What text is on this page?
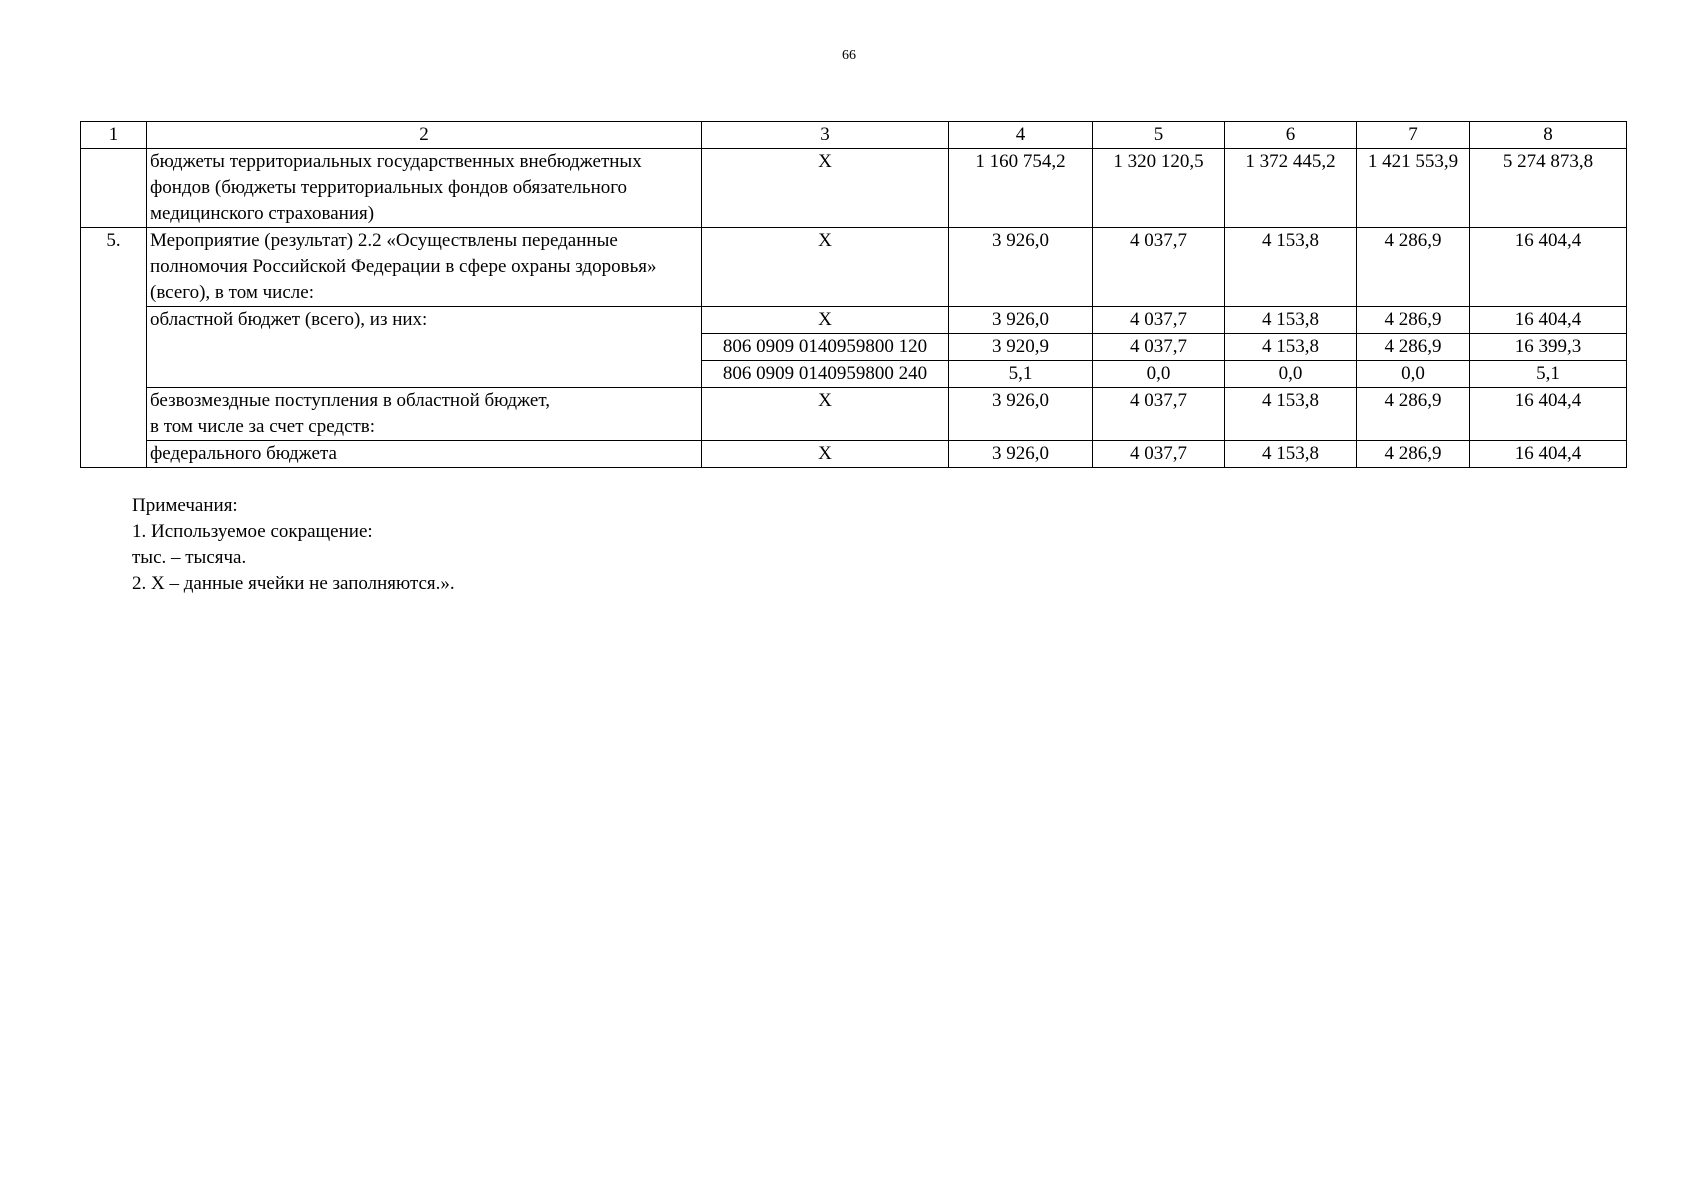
66
1	2	3	4	5	6	7	8
	бюджеты территориальных государственных внебюджетных
фондов (бюджеты территориальных фондов обязательного
медицинского страхования)	X	1 160 754,2	1 320 120,5	1 372 445,2	1 421 553,9	5 274 873,8
5.	Мероприятие (результат) 2.2 «Осуществлены переданные
полномочия Российской Федерации в сфере охраны здоровья»
(всего), в том числе:	X	3 926,0	4 037,7	4 153,8	4 286,9	16 404,4
	областной бюджет (всего), из них:	X	3 926,0	4 037,7	4 153,8	4 286,9	16 404,4
		806 0909 0140959800 120	3 920,9	4 037,7	4 153,8	4 286,9	16 399,3
		806 0909 0140959800 240	5,1	0,0	0,0	0,0	5,1
	безвозмездные поступления в областной бюджет,
в том числе за счет средств:	X	3 926,0	4 037,7	4 153,8	4 286,9	16 404,4
	федерального бюджета	X	3 926,0	4 037,7	4 153,8	4 286,9	16 404,4
Примечания:
1. Используемое сокращение:
тыс. – тысяча.
2. X – данные ячейки не заполняются.».
